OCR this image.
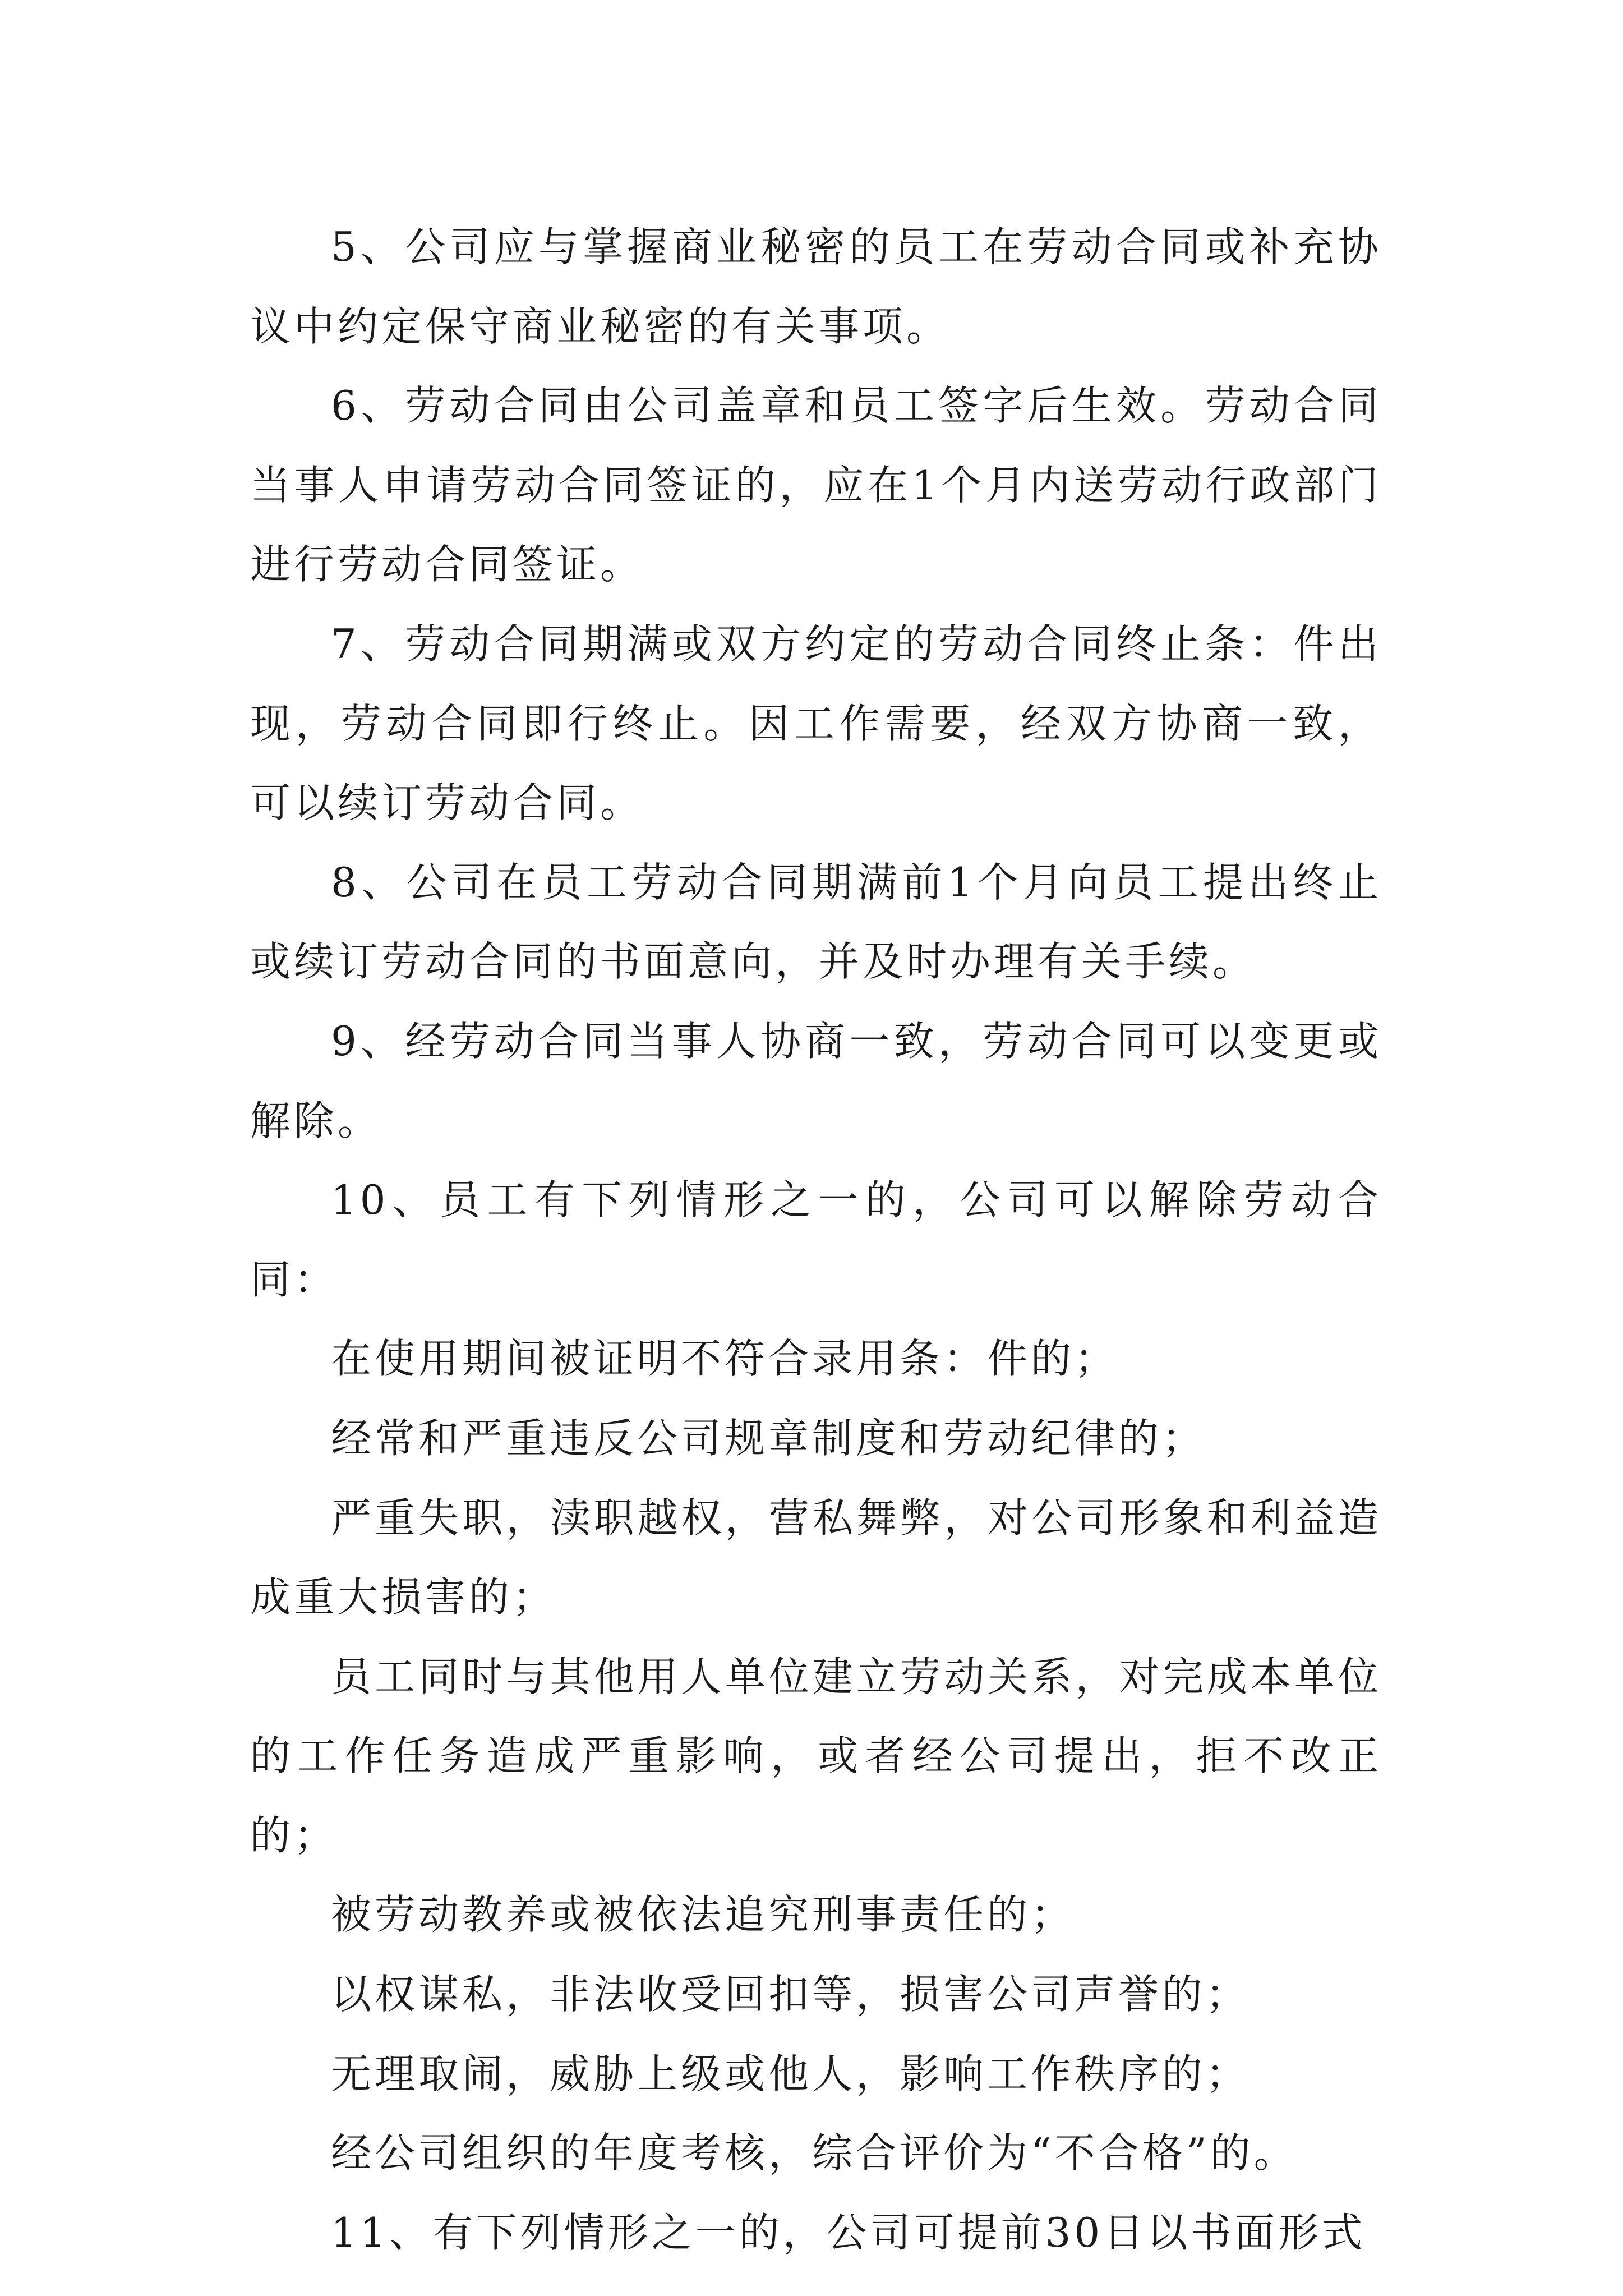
5、公司应与掌握商业秘密的员工在劳动合同或补充协议中约定保守商业秘密的有关事项。

6、劳动合同由公司盖章和员工签字后生效。劳动合同当事人申请劳动合同签证的，应在1个月内送劳动行政部门进行劳动合同签证。

7、劳动合同期满或双方约定的劳动合同终止条：件出现，劳动合同即行终止。因工作需要，经双方协商一致，可以续订劳动合同。

8、公司在员工劳动合同期满前1个月向员工提出终止或续订劳动合同的书面意向，并及时办理有关手续。

9、经劳动合同当事人协商一致，劳动合同可以变更或解除。

10、员工有下列情形之一的，公司可以解除劳动合同：

在使用期间被证明不符合录用条：件的；

经常和严重违反公司规章制度和劳动纪律的；

严重失职，渎职越权，营私舞弊，对公司形象和利益造成重大损害的；

员工同时与其他用人单位建立劳动关系，对完成本单位的工作任务造成严重影响，或者经公司提出，拒不改正的；

被劳动教养或被依法追究刑事责任的；

以权谋私，非法收受回扣等，损害公司声誉的；

无理取闹，威胁上级或他人，影响工作秩序的；

经公司组织的年度考核，综合评价为“不合格”的。

11、有下列情形之一的，公司可提前30日以书面形式
